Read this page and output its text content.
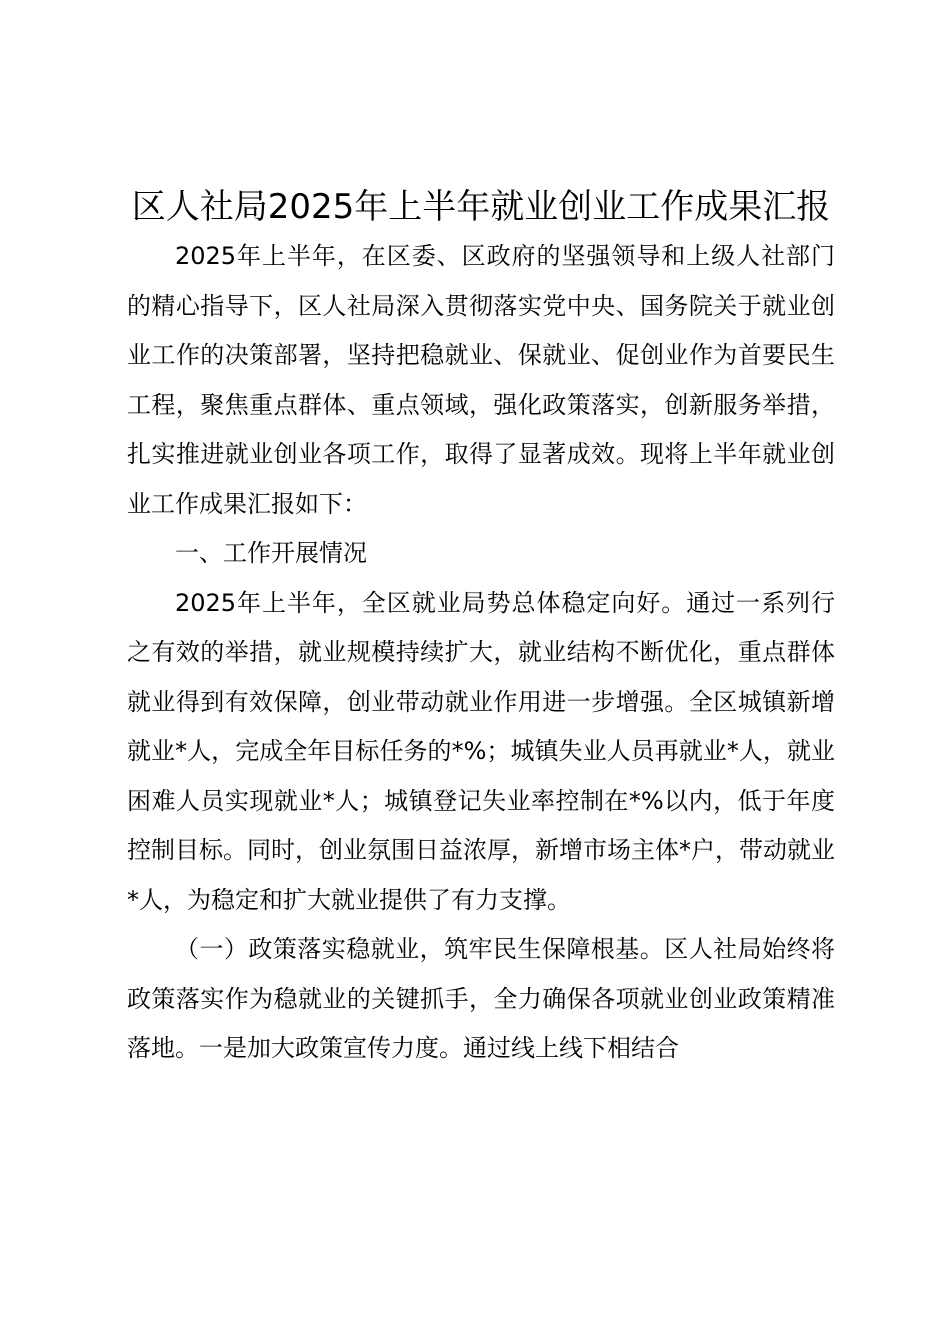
区人社局2025年上半年就业创业工作成果汇报

2025年上半年，在区委、区政府的坚强领导和上级人社部门的精心指导下，区人社局深入贯彻落实党中央、国务院关于就业创业工作的决策部署，坚持把稳就业、保就业、促创业作为首要民生工程，聚焦重点群体、重点领域，强化政策落实，创新服务举措，扎实推进就业创业各项工作，取得了显著成效。现将上半年就业创业工作成果汇报如下：

一、工作开展情况

2025年上半年，全区就业局势总体稳定向好。通过一系列行之有效的举措，就业规模持续扩大，就业结构不断优化，重点群体就业得到有效保障，创业带动就业作用进一步增强。全区城镇新增就业*人，完成全年目标任务的*%；城镇失业人员再就业*人，就业困难人员实现就业*人；城镇登记失业率控制在*%以内，低于年度控制目标。同时，创业氛围日益浓厚，新增市场主体*户，带动就业*人，为稳定和扩大就业提供了有力支撑。

（一）政策落实稳就业，筑牢民生保障根基。区人社局始终将政策落实作为稳就业的关键抓手，全力确保各项就业创业政策精准落地。一是加大政策宣传力度。通过线上线下相结合
